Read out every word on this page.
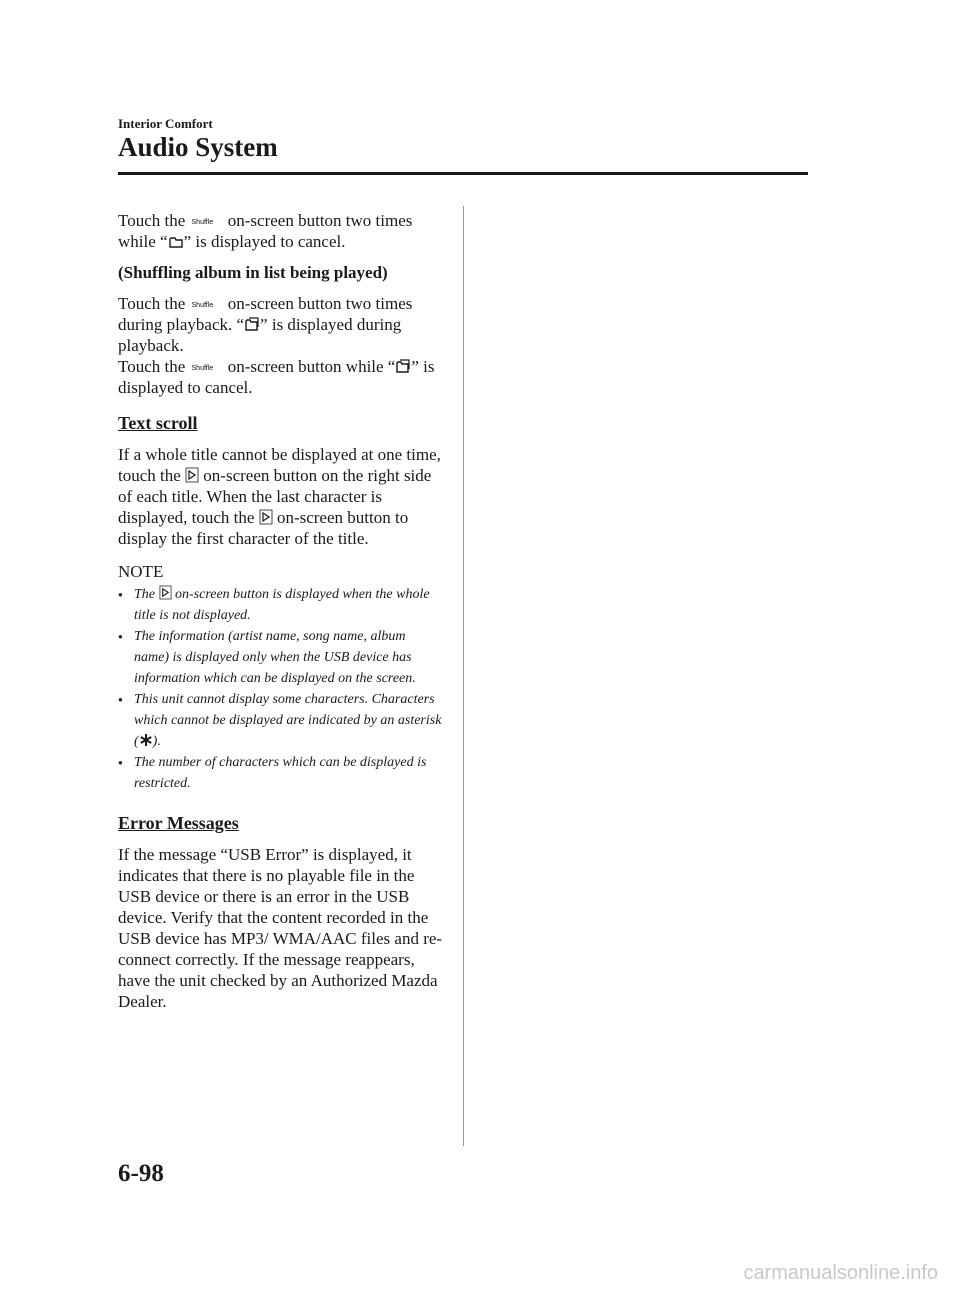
Interior Comfort
Audio System

Touch the Shuffle on-screen button two times while “ ” is displayed to cancel.

(Shuffling album in list being played)

Touch the Shuffle on-screen button two times during playback. “ ” is displayed during playback.

Touch the Shuffle on-screen button while “ ” is displayed to cancel.

Text scroll

If a whole title cannot be displayed at one time, touch the on-screen button on the right side of each title. When the last character is displayed, touch the on-screen button to display the first character of the title.

NOTE

● The on-screen button is displayed when the whole title is not displayed.
● The information (artist name, song name, album name) is displayed only when the USB device has information which can be displayed on the screen.
● This unit cannot display some characters. Characters which cannot be displayed are indicated by an asterisk ( ).
● The number of characters which can be displayed is restricted.
Error Messages

If the message “USB Error” is displayed, it indicates that there is no playable file in the USB device or there is an error in the USB device. Verify that the content recorded in the USB device has MP3/ WMA/AAC files and re-connect correctly. If the message reappears, have the unit checked by an Authorized Mazda Dealer.

6-98
carmanualsonline.info
